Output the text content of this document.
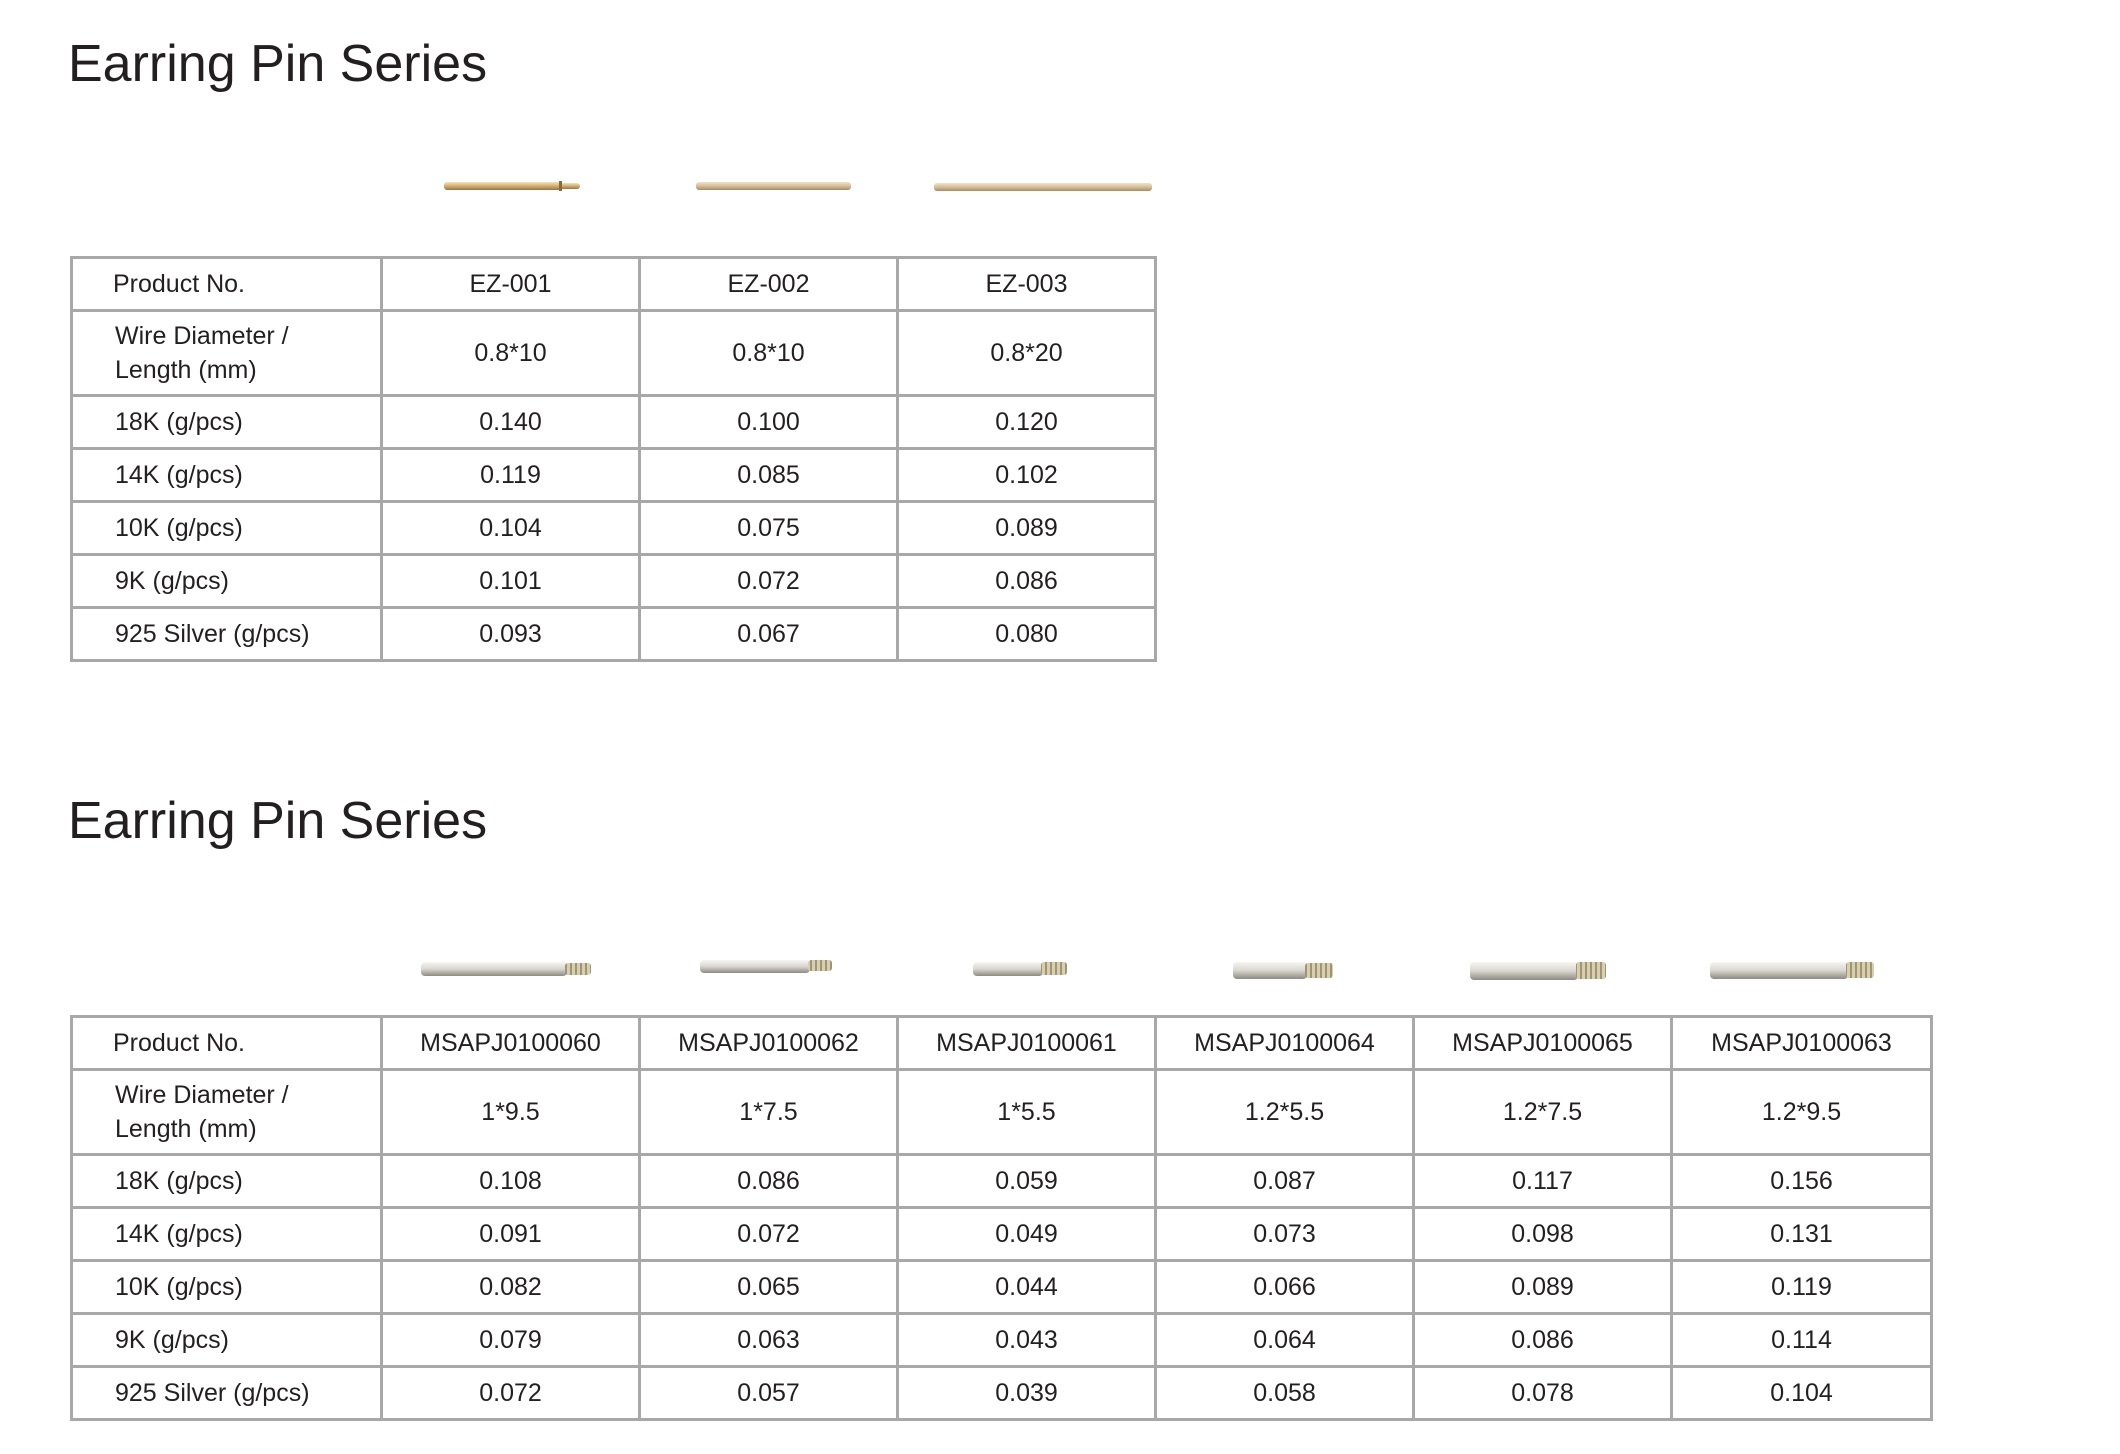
Earring Pin Series
Product No.	EZ-001	EZ-002	EZ-003

Wire Diameter /
Length (mm)	0.8*10	0.8*10	0.8*20
18K (g/pcs)	0.140	0.100	0.120
14K (g/pcs)	0.119	0.085	0.102
10K (g/pcs)	0.104	0.075	0.089
9K (g/pcs)	0.101	0.072	0.086
925 Silver (g/pcs)	0.093	0.067	0.080
Earring Pin Series
Product No.	MSAPJ0100060	MSAPJ0100062	MSAPJ0100061	MSAPJ0100064	MSAPJ0100065	MSAPJ0100063

Wire Diameter /
Length (mm)	1*9.5	1*7.5	1*5.5	1.2*5.5	1.2*7.5	1.2*9.5
18K (g/pcs)	0.108	0.086	0.059	0.087	0.117	0.156
14K (g/pcs)	0.091	0.072	0.049	0.073	0.098	0.131
10K (g/pcs)	0.082	0.065	0.044	0.066	0.089	0.119
9K (g/pcs)	0.079	0.063	0.043	0.064	0.086	0.114
925 Silver (g/pcs)	0.072	0.057	0.039	0.058	0.078	0.104
